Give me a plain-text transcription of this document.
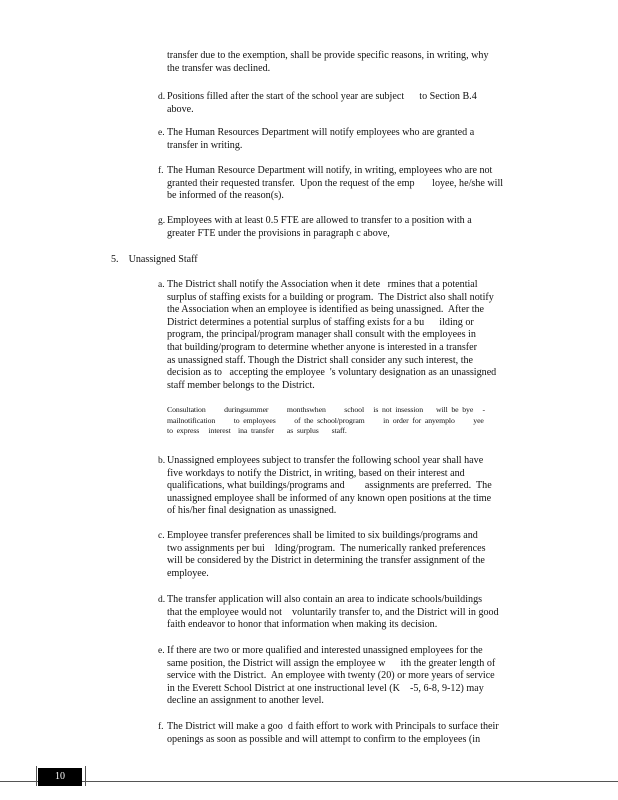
transfer due to the exemption, shall be provide specific reasons, in writing, why
the transfer was declined.
d. Positions filled after the start of the school year are subject      to Section B.4
above.
e. The Human Resources Department will notify employees who are granted a
transfer in writing.
f. The Human Resource Department will notify, in writing, employees who are not
granted their requested transfer.  Upon the request of the emp       loyee, he/she will
be informed of the reason(s).
g. Employees with at least 0.5 FTE are allowed to transfer to a position with a
greater FTE under the provisions in paragraph c above,
5. Unassigned Staff
a. The District shall notify the Association when it dete   rmines that a potential
surplus of staffing exists for a building or program.  The District also shall notify
the Association when an employee is identified as being unassigned.  After the
District determines a potential surplus of staffing exists for a bu      ilding or
program, the principal/program manager shall consult with the employees in
that building/program to determine whether anyone is interested in a transfer
as unassigned staff. Though the District shall consider any such interest, the
decision as to   accepting the employee  's voluntary designation as an unassigned
staff member belongs to the District.
Consultation          duringsummer          monthswhen          school     is  not  insession       will  be  bye     -
mailnotification          to  employees          of  the  school/program          in  order  for  anyemplo          yee
to  express     interest    ina  transfer       as  surplus       staff.
b. Unassigned employees subject to transfer the following school year shall have
five workdays to notify the District, in writing, based on their interest and
qualifications, what buildings/programs and        assignments are preferred.  The
unassigned employee shall be informed of any known open positions at the time
of his/her final designation as unassigned.
c. Employee transfer preferences shall be limited to six buildings/programs and
two assignments per bui    lding/program.  The numerically ranked preferences
will be considered by the District in determining the transfer assignment of the
employee.
d. The transfer application will also contain an area to indicate schools/buildings
that the employee would not    voluntarily transfer to, and the District will in good
faith endeavor to honor that information when making its decision.
e. If there are two or more qualified and interested unassigned employees for the
same position, the District will assign the employee w      ith the greater length of
service with the District.  An employee with twenty (20) or more years of service
in the Everett School District at one instructional level (K    -5, 6-8, 9-12) may
decline an assignment to another level.
f. The District will make a goo  d faith effort to work with Principals to surface their
openings as soon as possible and will attempt to confirm to the employees (in
10
